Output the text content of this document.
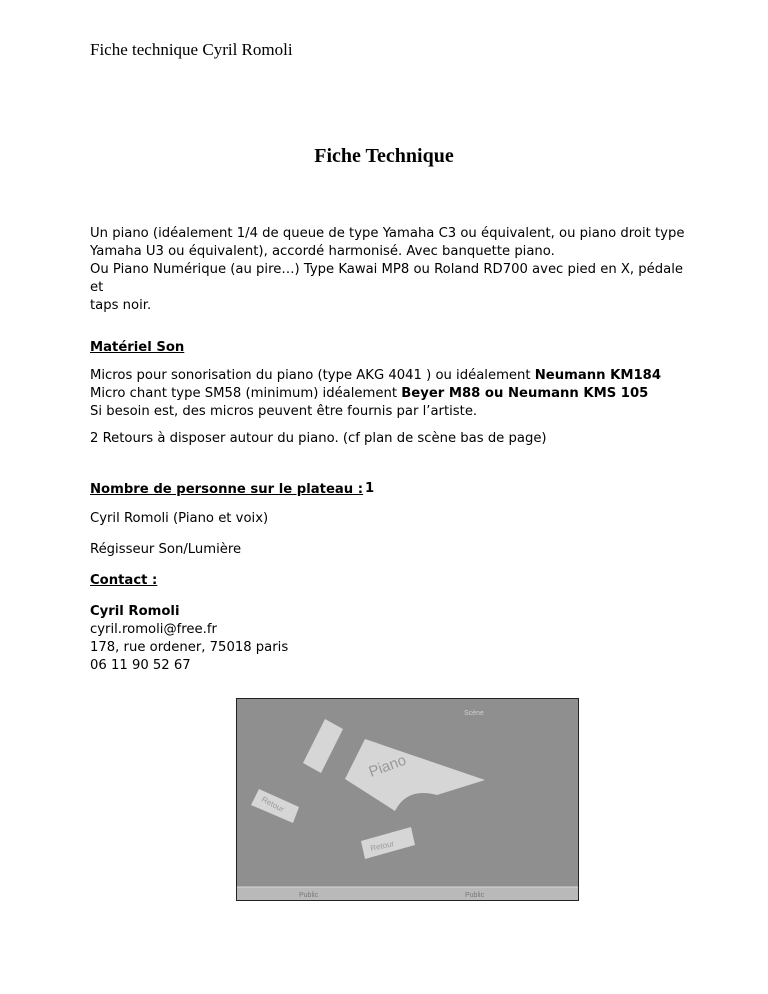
Fiche technique Cyril Romoli
Fiche Technique

Un piano (idéalement 1/4 de queue de type Yamaha C3 ou équivalent, ou piano droit type

Yamaha U3 ou équivalent), accordé harmonisé. Avec banquette piano.

Ou Piano Numérique (au pire…) Type Kawai MP8 ou Roland RD700 avec pied en X, pédale et

taps noir.

Matériel Son

Micros pour sonorisation du piano (type AKG 4041 ) ou idéalement Neumann KM184

Micro chant type SM58 (minimum) idéalement Beyer M88 ou Neumann KMS 105

Si besoin est, des micros peuvent être fournis par l’artiste.

2 Retours à disposer autour du piano. (cf plan de scène bas de page)
Nombre de personne sur le plateau : 1
Cyril Romoli (Piano et voix)
Régisseur Son/Lumière
Contact :

Cyril Romoli

cyril.romoli@free.fr

178, rue ordener, 75018 paris

06 11 90 52 67

Scène
Piano
Retour
Retour
Public	Public
